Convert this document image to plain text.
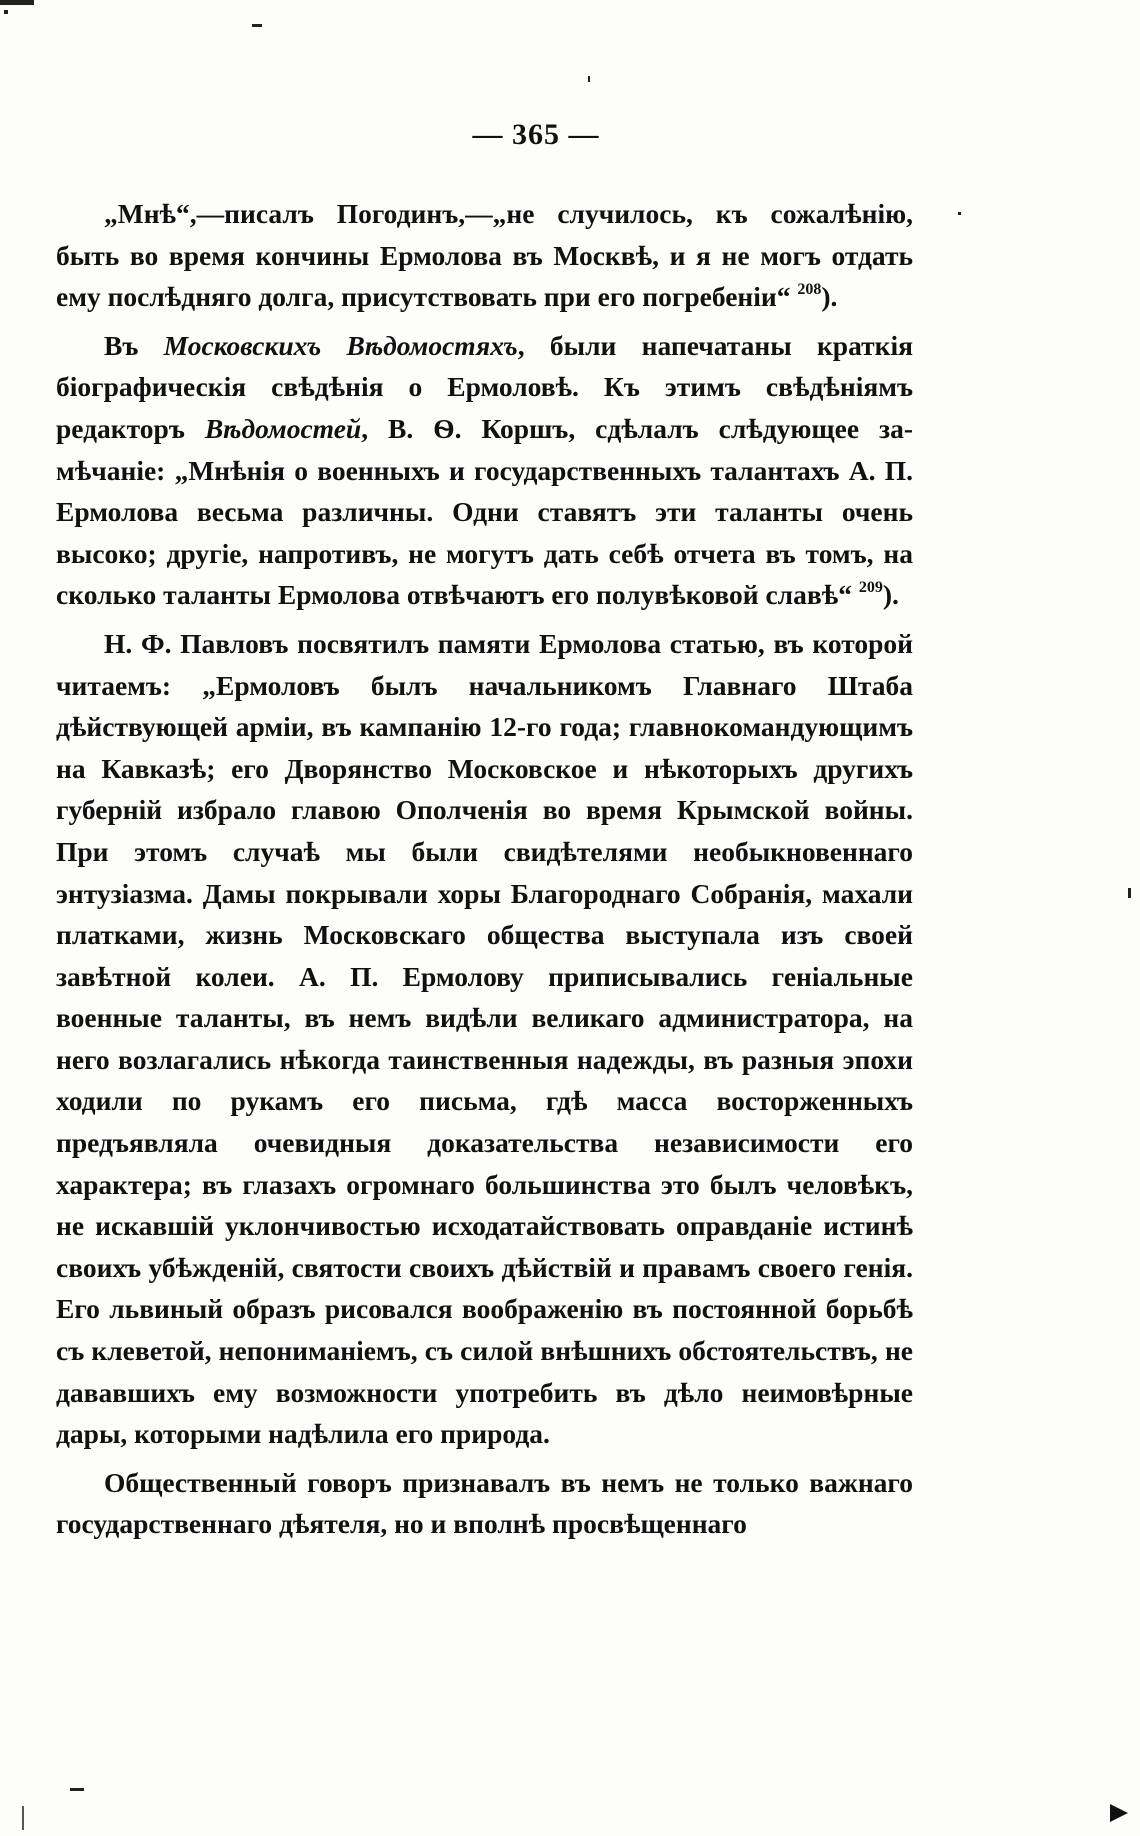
— 365 —

„Мнѣ“,—писалъ Погодинъ,—„не случилось, къ сожалѣнію, быть во время кончины Ермолова въ Москвѣ, и я не могъ отдать ему послѣдняго долга, присутствовать при его погребеніи“ $^{208}$).

Въ Московскихъ Вѣдомостяхъ, были напечатаны краткія біографическія свѣдѣнія о Ермоловѣ. Къ этимъ свѣдѣніямъ редакторъ Вѣдомостей, В. Ѳ. Коршъ, сдѣлалъ слѣдующее замѣчаніе: „Мнѣнія о военныхъ и государственныхъ талантахъ А. П. Ермолова весьма различны. Одни ставятъ эти таланты очень высоко; другіе, напротивъ, не могутъ дать себѣ отчета въ томъ, на сколько таланты Ермолова отвѣчаютъ его полувѣковой славѣ“ $^{209}$).

Н. Ф. Павловъ посвятилъ памяти Ермолова статью, въ которой читаемъ: „Ермоловъ былъ начальникомъ Главнаго Штаба дѣйствующей арміи, въ кампанію 12-го года; главнокомандующимъ на Кавказѣ; его Дворянство Московское и нѣкоторыхъ другихъ губерній избрало главою Ополченія во время Крымской войны. При этомъ случаѣ мы были свидѣтелями необыкновеннаго энтузіазма. Дамы покрывали хоры Благороднаго Собранія, махали платками, жизнь Московскаго общества выступала изъ своей завѣтной колеи. А. П. Ермолову приписывались геніальные военные таланты, въ немъ видѣли великаго администратора, на него возлагались нѣкогда таинственныя надежды, въ разныя эпохи ходили по рукамъ его письма, гдѣ масса восторженныхъ предъявляла очевидныя доказательства независимости его характера; въ глазахъ огромнаго большинства это былъ человѣкъ, не искавшій уклончивостью исходатайствовать оправданіе истинѣ своихъ убѣжденій, святости своихъ дѣйствій и правамъ своего генія. Его львиный образъ рисовался воображенію въ постоянной борьбѣ съ клеветой, непониманіемъ, съ силой внѣшнихъ обстоятельствъ, не дававшихъ ему возможности употребить въ дѣло неимовѣрные дары, которыми надѣлила его природа.

Общественный говоръ признавалъ въ немъ не только важнаго государственнаго дѣятеля, но и вполнѣ просвѣщеннаго
